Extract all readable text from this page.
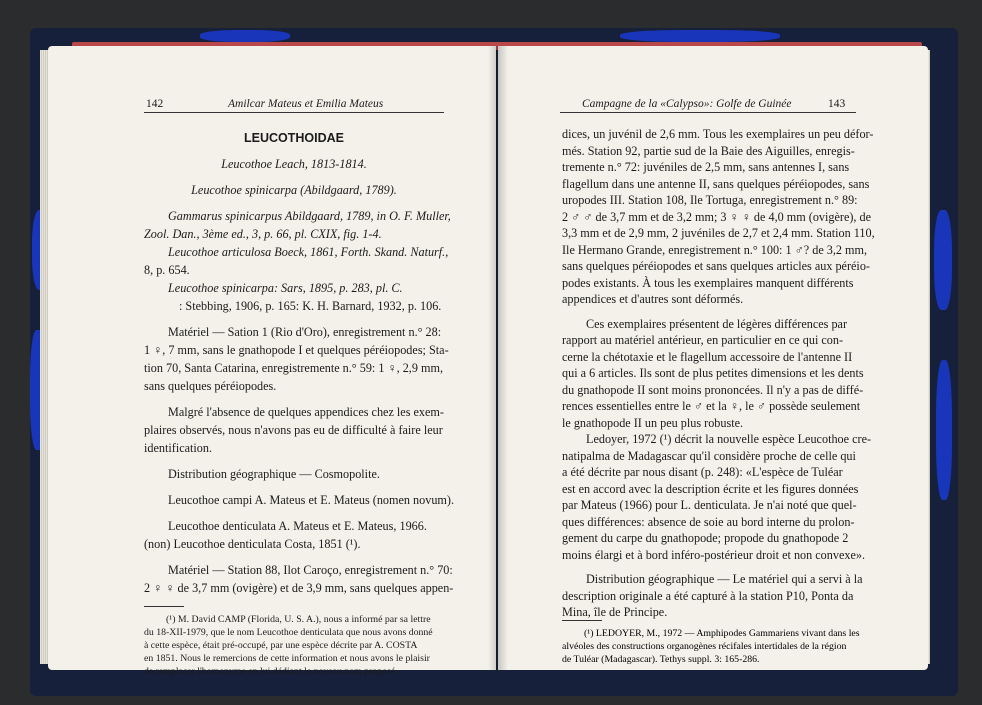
142	Amilcar Mateus et Emilia Mateus
LEUCOTHOIDAE
Leucothoe Leach, 1813-1814.
Leucothoe spinicarpa (Abildgaard, 1789).
Gammarus spinicarpus Abildgaard, 1789, in O. F. Muller,
Zool. Dan., 3ème ed., 3, p. 66, pl. CXIX, fig. 1-4.
Leucothoe articulosa Boeck, 1861, Forth. Skand. Naturf.,
8, p. 654.
Leucothoe spinicarpa: Sars, 1895, p. 283, pl. C.
: Stebbing, 1906, p. 165: K. H. Barnard, 1932, p. 106.
Matériel — Sation 1 (Rio d'Oro), enregistrement n.° 28:
1 ♀, 7 mm, sans le gnathopode I et quelques péréiopodes; Sta-
tion 70, Santa Catarina, enregistremente n.° 59: 1 ♀, 2,9 mm,
sans quelques péréiopodes.
Malgré l'absence de quelques appendices chez les exem-
plaires observés, nous n'avons pas eu de difficulté à faire leur
identification.
Distribution géographique — Cosmopolite.
Leucothoe campi A. Mateus et E. Mateus (nomen novum).
Leucothoe denticulata A. Mateus et E. Mateus, 1966.
(non) Leucothoe denticulata Costa, 1851 (¹).
Matériel — Station 88, Ilot Caroço, enregistrement n.° 70:
2 ♀ ♀ de 3,7 mm (ovigère) et de 3,9 mm, sans quelques appen-
(¹) M. David CAMP (Florida, U. S. A.), nous a informé par sa lettre
du 18-XII-1979, que le nom Leucothoe denticulata que nous avons donné
à cette espèce, était pré-occupé, par une espèce décrite par A. COSTA
en 1851. Nous le remercions de cette information et nous avons le plaisir
de remplacer l'homonyme en lui dédiant le noveau nom proposé.
Campagne de la «Calypso»: Golfe de Guinée	143
dices, un juvénil de 2,6 mm. Tous les exemplaires un peu défor-
més. Station 92, partie sud de la Baie des Aiguilles, enregis-
tremente n.° 72: juvéniles de 2,5 mm, sans antennes I, sans
flagellum dans une antenne II, sans quelques péréiopodes, sans
uropodes III. Station 108, Ile Tortuga, enregistrement n.° 89:
2 ♂ ♂ de 3,7 mm et de 3,2 mm; 3 ♀ ♀ de 4,0 mm (ovigère), de
3,3 mm et de 2,9 mm, 2 juvéniles de 2,7 et 2,4 mm. Station 110,
Ile Hermano Grande, enregistrement n.° 100: 1 ♂? de 3,2 mm,
sans quelques péréiopodes et sans quelques articles aux péréio-
podes existants. À tous les exemplaires manquent différents
appendices et d'autres sont déformés.
Ces exemplaires présentent de légères différences par
rapport au matériel antérieur, en particulier en ce qui con-
cerne la chétotaxie et le flagellum accessoire de l'antenne II
qui a 6 articles. Ils sont de plus petites dimensions et les dents
du gnathopode II sont moins prononcées. Il n'y a pas de diffé-
rences essentielles entre le ♂ et la ♀, le ♂ possède seulement
le gnathopode II un peu plus robuste.
Ledoyer, 1972 (¹) décrit la nouvelle espèce Leucothoe cre-
natipalma de Madagascar qu'il considère proche de celle qui
a été décrite par nous disant (p. 248): «L'espèce de Tuléar
est en accord avec la description écrite et les figures données
par Mateus (1966) pour L. denticulata. Je n'ai noté que quel-
ques différences: absence de soie au bord interne du prolon-
gement du carpe du gnathopode; propode du gnathopode 2
moins élargi et à bord inféro-postérieur droit et non convexe».
Distribution géographique — Le matériel qui a servi à la
description originale a été capturé à la station P10, Ponta da
Mina, île de Principe.
(¹) LEDOYER, M., 1972 — Amphipodes Gammariens vivant dans les
alvéoles des constructions organogènes récifales intertidales de la région
de Tuléar (Madagascar). Tethys suppl. 3: 165-286.
